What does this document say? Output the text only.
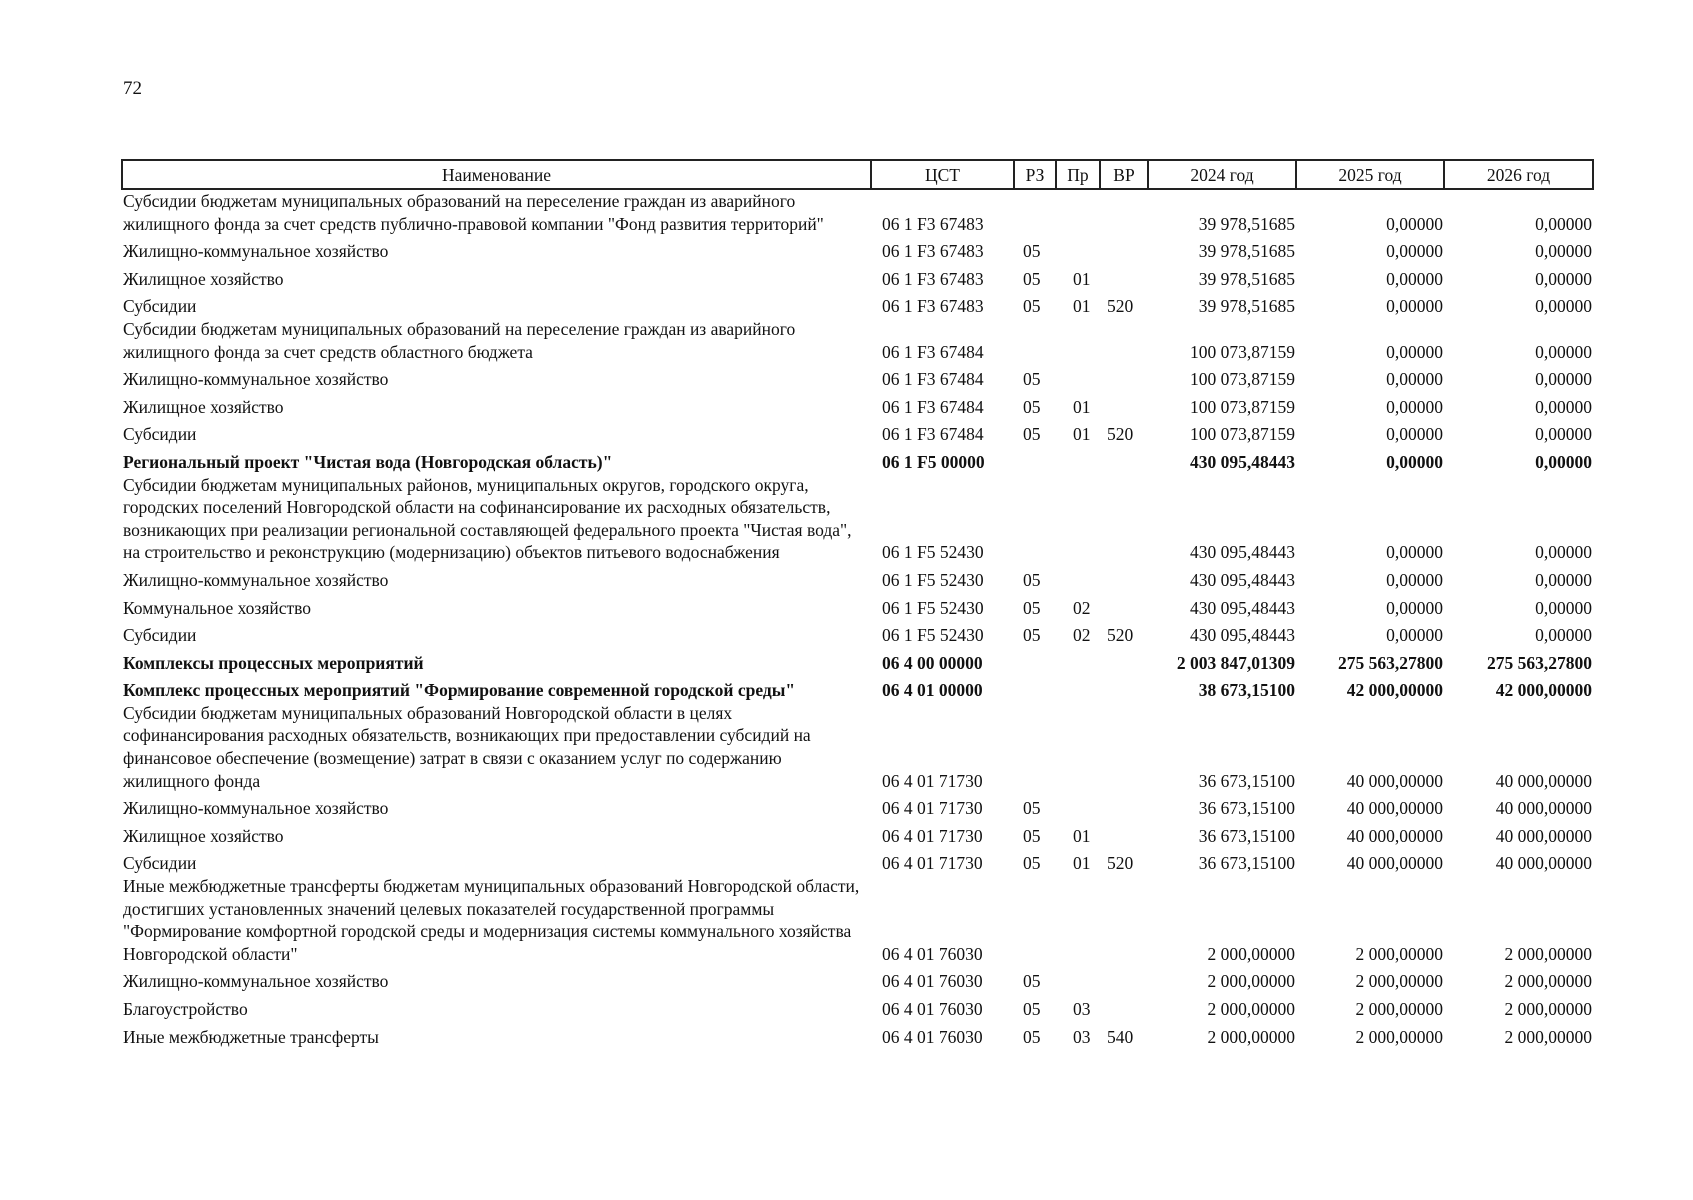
72
Наименование	ЦСТ	РЗ	Пр	ВР	2024 год	2025 год	2026 год
Субсидии бюджетам муниципальных образований на переселение граждан из аварийного жилищного фонда за счет средств публично-правовой компании "Фонд развития территорий"	06 1 F3 67483				39 978,51685	0,00000	0,00000
Жилищно-коммунальное хозяйство	06 1 F3 67483	05			39 978,51685	0,00000	0,00000
Жилищное хозяйство	06 1 F3 67483	05	01		39 978,51685	0,00000	0,00000
Субсидии	06 1 F3 67483	05	01	520	39 978,51685	0,00000	0,00000
Субсидии бюджетам муниципальных образований на переселение граждан из аварийного жилищного фонда за счет средств областного бюджета	06 1 F3 67484				100 073,87159	0,00000	0,00000
Жилищно-коммунальное хозяйство	06 1 F3 67484	05			100 073,87159	0,00000	0,00000
Жилищное хозяйство	06 1 F3 67484	05	01		100 073,87159	0,00000	0,00000
Субсидии	06 1 F3 67484	05	01	520	100 073,87159	0,00000	0,00000
Региональный проект "Чистая вода (Новгородская область)"	06 1 F5 00000				430 095,48443	0,00000	0,00000
Субсидии бюджетам муниципальных районов, муниципальных округов, городского округа, городских поселений Новгородской области на софинансирование их расходных обязательств, возникающих при реализации региональной составляющей федерального проекта "Чистая вода", на строительство и реконструкцию (модернизацию) объектов питьевого водоснабжения	06 1 F5 52430				430 095,48443	0,00000	0,00000
Жилищно-коммунальное хозяйство	06 1 F5 52430	05			430 095,48443	0,00000	0,00000
Коммунальное хозяйство	06 1 F5 52430	05	02		430 095,48443	0,00000	0,00000
Субсидии	06 1 F5 52430	05	02	520	430 095,48443	0,00000	0,00000
Комплексы процессных мероприятий	06 4 00 00000				2 003 847,01309	275 563,27800	275 563,27800
Комплекс процессных мероприятий "Формирование современной городской среды"	06 4 01 00000				38 673,15100	42 000,00000	42 000,00000
Субсидии бюджетам муниципальных образований Новгородской области в целях софинансирования расходных обязательств, возникающих при предоставлении субсидий на финансовое обеспечение (возмещение) затрат в связи с оказанием услуг по содержанию жилищного фонда	06 4 01 71730				36 673,15100	40 000,00000	40 000,00000
Жилищно-коммунальное хозяйство	06 4 01 71730	05			36 673,15100	40 000,00000	40 000,00000
Жилищное хозяйство	06 4 01 71730	05	01		36 673,15100	40 000,00000	40 000,00000
Субсидии	06 4 01 71730	05	01	520	36 673,15100	40 000,00000	40 000,00000
Иные межбюджетные трансферты бюджетам муниципальных образований Новгородской области, достигших установленных значений целевых показателей государственной программы "Формирование комфортной городской среды и модернизация системы коммунального хозяйства Новгородской области"	06 4 01 76030				2 000,00000	2 000,00000	2 000,00000
Жилищно-коммунальное хозяйство	06 4 01 76030	05			2 000,00000	2 000,00000	2 000,00000
Благоустройство	06 4 01 76030	05	03		2 000,00000	2 000,00000	2 000,00000
Иные межбюджетные трансферты	06 4 01 76030	05	03	540	2 000,00000	2 000,00000	2 000,00000
